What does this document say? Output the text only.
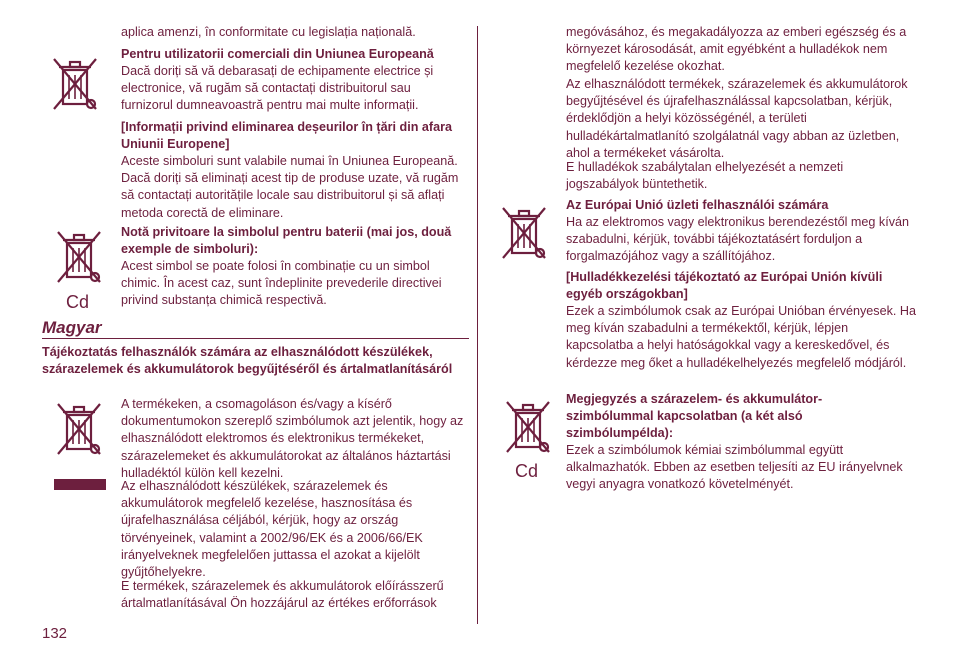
aplica amenzi, în conformitate cu legislația națională.

Pentru utilizatorii comerciali din Uniunea Europeană

Dacă doriți să vă debarasați de echipamente electrice și electronice, vă rugăm să contactați distribuitorul sau furnizorul dumneavoastră pentru mai multe informații.

[Informații privind eliminarea deșeurilor în țări din afara Uniunii Europene]

Aceste simboluri sunt valabile numai în Uniunea Europeană. Dacă doriți să eliminați acest tip de produse uzate, vă rugăm să contactați autoritățile locale sau distribuitorul și să aflați metoda corectă de eliminare.

Cd

Notă privitoare la simbolul pentru baterii (mai jos, două exemple de simboluri):

Acest simbol se poate folosi în combinație cu un simbol chimic. În acest caz, sunt îndeplinite prevederile directivei privind substanța chimică respectivă.

Magyar

Tájékoztatás felhasználók számára az elhasználódott készülékek, szárazelemek és akkumulátorok begyűjtéséről és ártalmatlanításáról

A termékeken, a csomagoláson és/vagy a kísérő dokumentumokon szereplő szimbólumok azt jelentik, hogy az elhasználódott elektromos és elektronikus termékeket, szárazelemeket és akkumulátorokat az általános háztartási hulladéktól külön kell kezelni.

Az elhasználódott készülékek, szárazelemek és akkumulátorok megfelelő kezelése, hasznosítása és újrafelhasználása céljából, kérjük, hogy az ország törvényeinek, valamint a 2002/96/EK és a 2006/66/EK irányelveknek megfelelően juttassa el azokat a kijelölt gyűjtőhelyekre.

E termékek, szárazelemek és akkumulátorok előírásszerű ártalmatlanításával Ön hozzájárul az értékes erőforrások

132

megóvásához, és megakadályozza az emberi egészség és a környezet károsodását, amit egyébként a hulladékok nem megfelelő kezelése okozhat.

Az elhasználódott termékek, szárazelemek és akkumulátorok begyűjtésével és újrafelhasználással kapcsolatban, kérjük, érdeklődjön a helyi közösségénél, a területi hulladékártalmatlanító szolgálatnál vagy abban az üzletben, ahol a termékeket vásárolta.

E hulladékok szabálytalan elhelyezését a nemzeti jogszabályok büntethetik.

Az Európai Unió üzleti felhasználói számára

Ha az elektromos vagy elektronikus berendezéstől meg kíván szabadulni, kérjük, további tájékoztatásért forduljon a forgalmazójához vagy a szállítójához.

[Hulladékkezelési tájékoztató az Európai Unión kívüli egyéb országokban]

Ezek a szimbólumok csak az Európai Unióban érvényesek. Ha meg kíván szabadulni a termékektől, kérjük, lépjen kapcsolatba a helyi hatóságokkal vagy a kereskedővel, és kérdezze meg őket a hulladékelhelyezés megfelelő módjáról.

Cd

Megjegyzés a szárazelem- és akkumulátor-szimbólummal kapcsolatban (a két alsó szimbólumpélda):

Ezek a szimbólumok kémiai szimbólummal együtt alkalmazhatók. Ebben az esetben teljesíti az EU irányelvnek vegyi anyagra vonatkozó követelményét.
